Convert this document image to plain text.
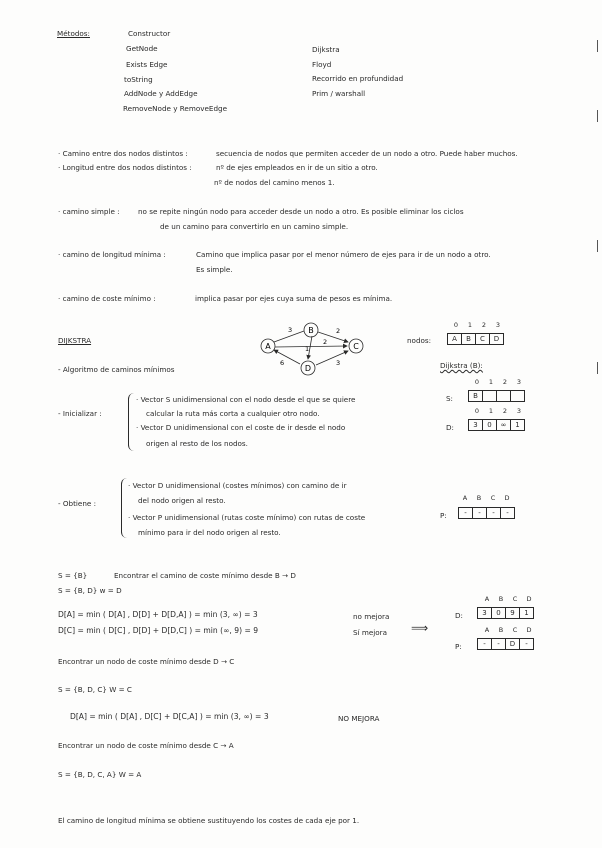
Métodos:	Constructor
GetNode
Exists Edge
toString
AddNode y AddEdge
RemoveNode y RemoveEdge
Dijkstra
Floyd
Recorrido en profundidad
Prim / warshall
· Camino entre dos nodos distintos :	secuencia de nodos que permiten acceder de un nodo a otro. Puede haber muchos.
· Longitud entre dos nodos distintos :	nº de ejes empleados en ir de un sitio a otro.
nº de nodos del camino menos 1.
· camino simple :	no se repite ningún nodo para acceder desde un nodo a otro. Es posible eliminar los ciclos
de un camino para convertirlo en un camino simple.
· camino de longitud mínima :	Camino que implica pasar por el menor número de ejes para ir de un nodo a otro.
Es simple.
· camino de coste mínimo :	implica pasar por ejes cuya suma de pesos es mínima.
DIJKSTRA
A
B
C
D
3	2
2
1
6	3
nodos:
0 1 2 3
A B C D
- Algoritmo de caminos mínimos	Dijkstra (B):
0 1 2 3
S:	B
- Inicializar :
· Vector S unidimensional con el nodo desde el que se quiere
calcular la ruta más corta a cualquier otro nodo.
· Vector D unidimensional con el coste de ir desde el nodo
origen al resto de los nodos.
0 1 2 3
D:	3 0 ∞ 1
- Obtiene :
· Vector D unidimensional (costes mínimos) con camino de ir
del nodo origen al resto.
· Vector P unidimensional (rutas coste mínimo) con rutas de coste
mínimo para ir del nodo origen al resto.
A B C D
P:	- - - -
S = {B}	Encontrar el camino de coste mínimo desde B → D
S = {B, D} w = D
D[A] = min ( D[A] , D[D] + D[D,A] ) = min (3, ∞) = 3	no mejora
D[C] = min ( D[C] , D[D] + D[D,C] ) = min (∞, 9) = 9	Sí mejora ⟹
A B C D
D:	3 0 9 1
A B C D
P:	- - D -
Encontrar un nodo de coste mínimo desde D → C
S = {B, D, C} W = C
D[A] = min ( D[A] , D[C] + D[C,A] ) = min (3, ∞) = 3	NO MEJORA
Encontrar un nodo de coste mínimo desde C → A
S = {B, D, C, A} W = A
El camino de longitud mínima se obtiene sustituyendo los costes de cada eje por 1.
